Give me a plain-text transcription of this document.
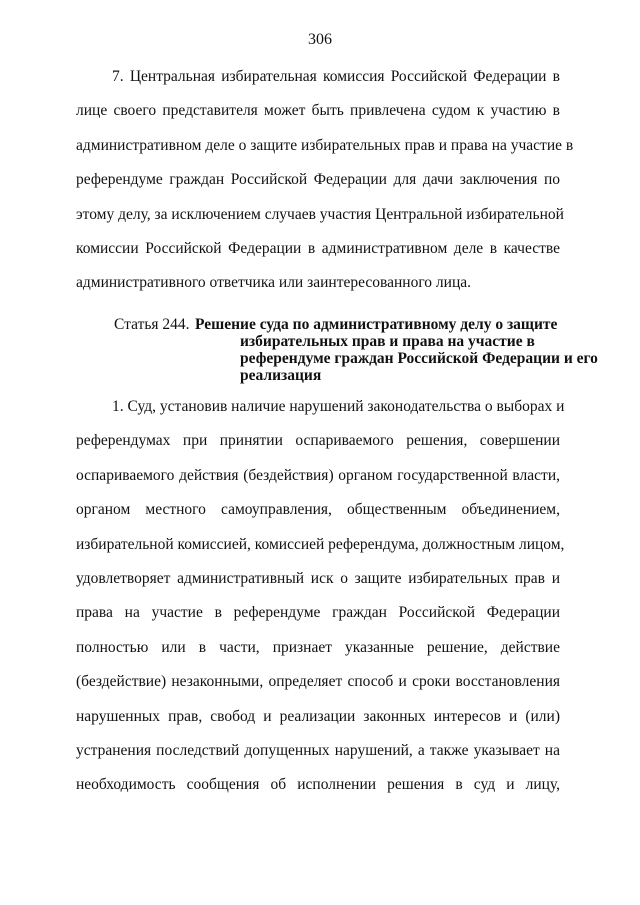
306
7. Центральная избирательная комиссия Российской Федерации в
лице своего представителя может быть привлечена судом к участию в
административном деле о защите избирательных прав и права на участие в
референдуме граждан Российской Федерации для дачи заключения по
этому делу, за исключением случаев участия Центральной избирательной
комиссии Российской Федерации в административном деле в качестве
административного ответчика или заинтересованного лица.
Статья 244. Решение суда по административному делу о защите
избирательных прав и права на участие в
референдуме граждан Российской Федерации и его
реализация
1. Суд, установив наличие нарушений законодательства о выборах и
референдумах при принятии оспариваемого решения, совершении
оспариваемого действия (бездействия) органом государственной власти,
органом местного самоуправления, общественным объединением,
избирательной комиссией, комиссией референдума, должностным лицом,
удовлетворяет административный иск о защите избирательных прав и
права на участие в референдуме граждан Российской Федерации
полностью или в части, признает указанные решение, действие
(бездействие) незаконными, определяет способ и сроки восстановления
нарушенных прав, свобод и реализации законных интересов и (или)
устранения последствий допущенных нарушений, а также указывает на
необходимость сообщения об исполнении решения в суд и лицу,
